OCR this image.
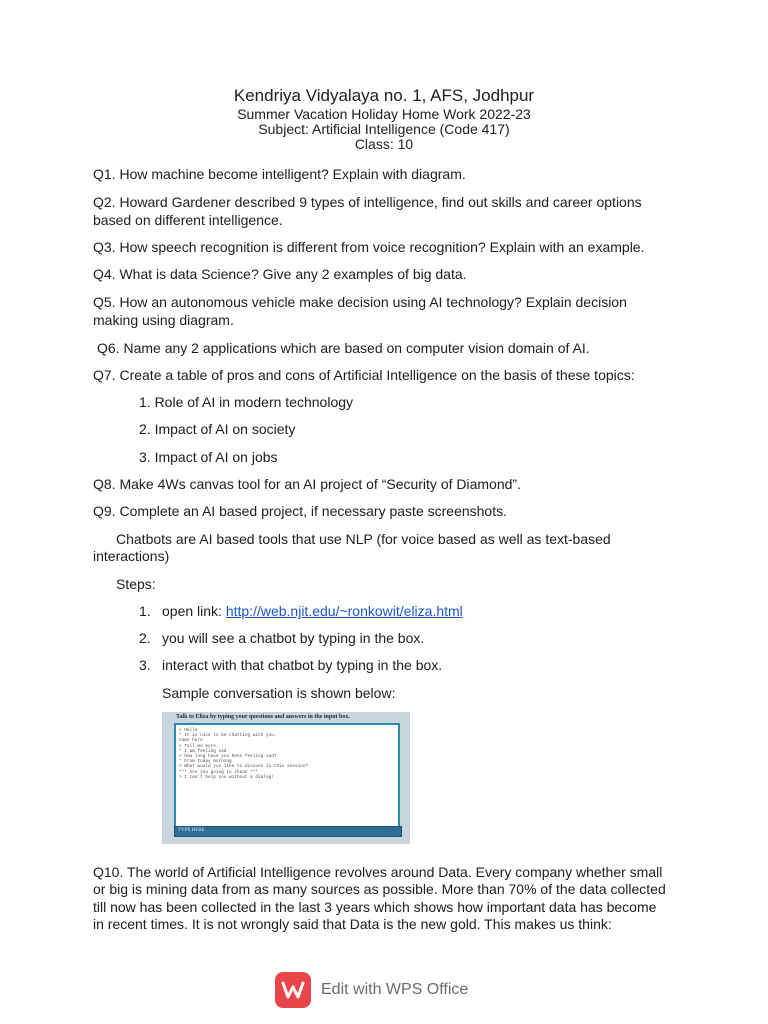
Kendriya Vidyalaya no. 1, AFS, Jodhpur

Summer Vacation Holiday Home Work 2022-23

Subject: Artificial Intelligence (Code 417)

Class: 10

Q1. How machine become intelligent? Explain with diagram.

Q2. Howard Gardener described 9 types of intelligence, find out skills and career options

based on different intelligence.

Q3. How speech recognition is different from voice recognition? Explain with an example.

Q4. What is data Science? Give any 2 examples of big data.

Q5. How an autonomous vehicle make decision using AI technology? Explain decision

making using diagram.

Q6. Name any 2 applications which are based on computer vision domain of AI.

Q7. Create a table of pros and cons of Artificial Intelligence on the basis of these topics:

1. Role of AI in modern technology

2. Impact of AI on society

3. Impact of AI on jobs

Q8. Make 4Ws canvas tool for an AI project of “Security of Diamond”.

Q9. Complete an AI based project, if necessary paste screenshots.

Chatbots are AI based tools that use NLP (for voice based as well as text-based

interactions)

Steps:

1. open link: http://web.njit.edu/~ronkowit/eliza.html

2. you will see a chatbot by typing in the box.

3. interact with that chatbot by typing in the box.

Sample conversation is shown below:

Talk to Eliza by typing your questions and answers in the input box.
> Hello
* It is nice to be chatting with you.
Came here
> Tell me more...
* I am feeling sad
> How long have you been feeling sad?
* From today morning
> What would you like to discuss in this session?
*** Are you going to cheat ***
> I can't help you without a dialog!
TYPE HERE

Q10. The world of Artificial Intelligence revolves around Data. Every company whether small

or big is mining data from as many sources as possible. More than 70% of the data collected

till now has been collected in the last 3 years which shows how important data has become

in recent times. It is not wrongly said that Data is the new gold. This makes us think:

Edit with WPS Office
